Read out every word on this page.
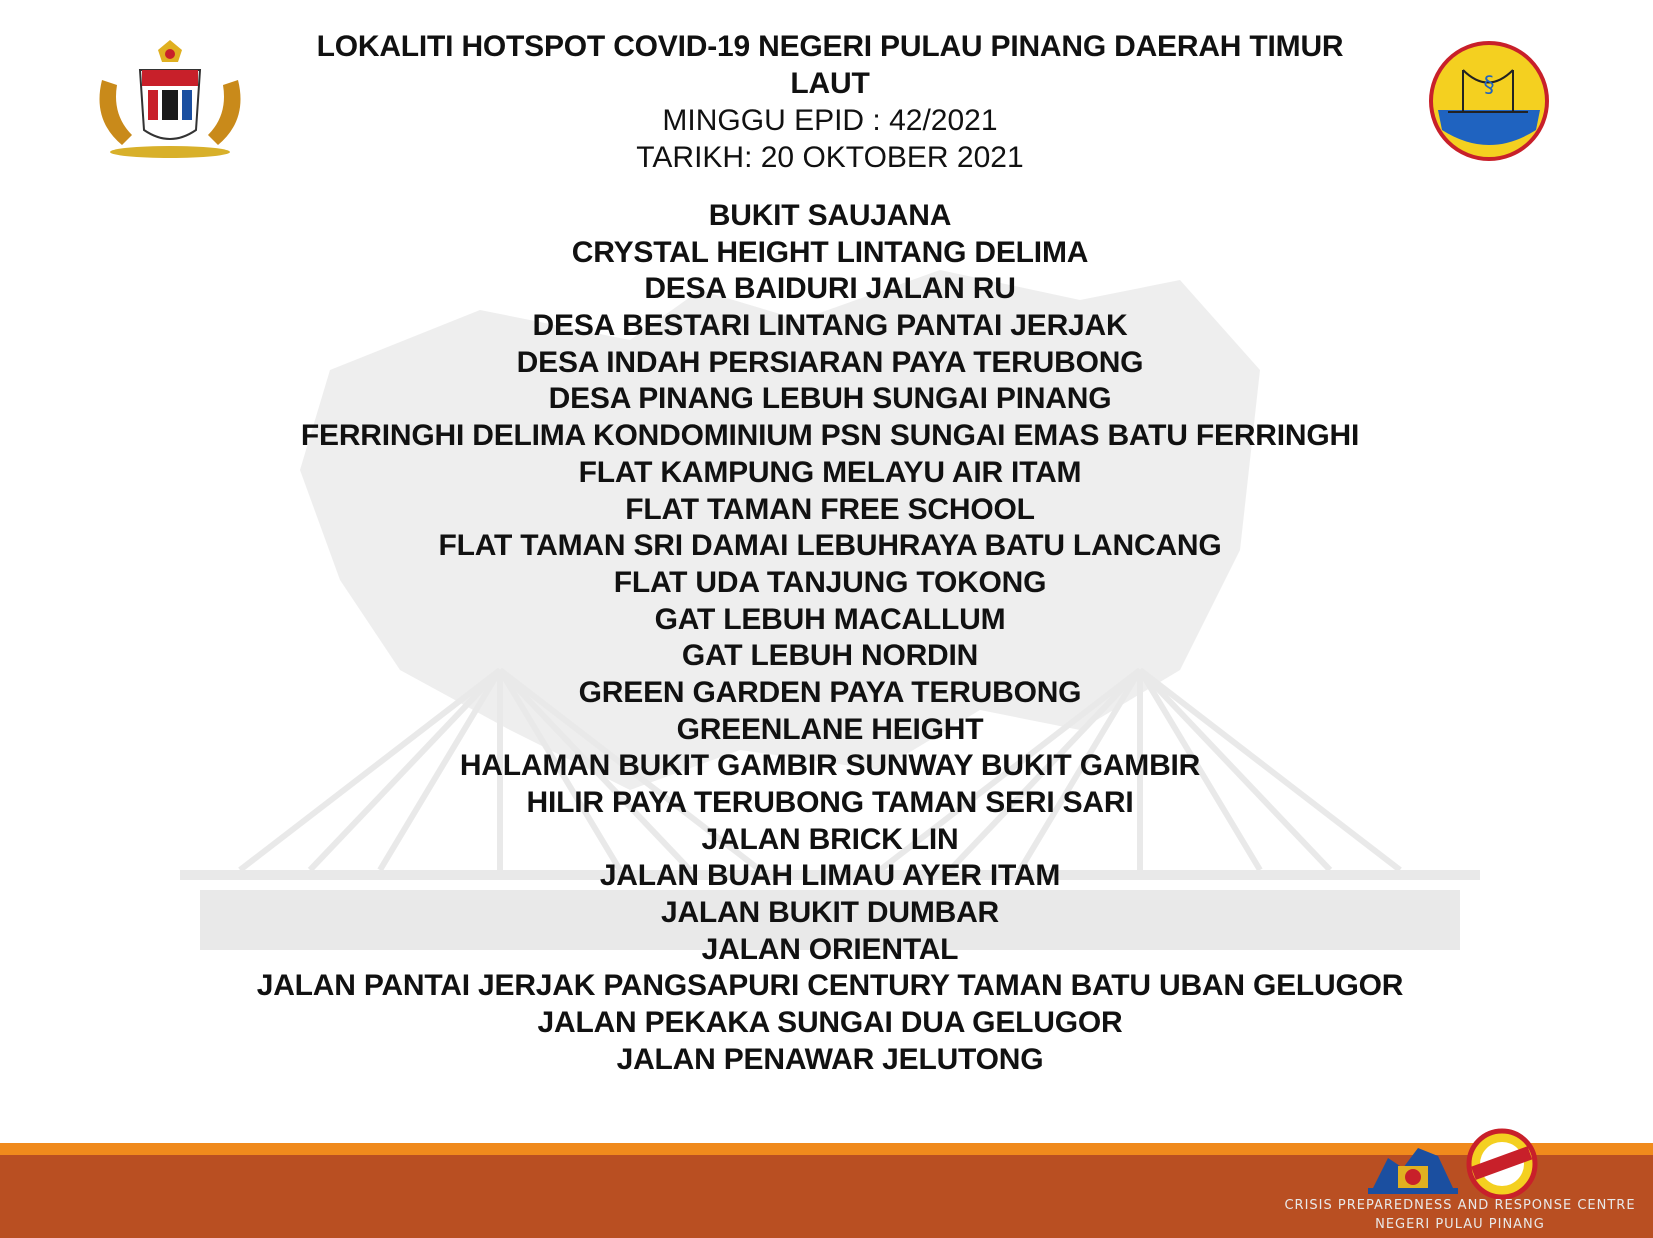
§
LOKALITI HOTSPOT COVID-19 NEGERI PULAU PINANG DAERAH TIMUR LAUT
MINGGU EPID : 42/2021
TARIKH: 20 OKTOBER 2021
BUKIT SAUJANA
CRYSTAL HEIGHT LINTANG DELIMA
DESA BAIDURI JALAN RU
DESA BESTARI LINTANG PANTAI JERJAK
DESA INDAH PERSIARAN PAYA TERUBONG
DESA PINANG LEBUH SUNGAI PINANG
FERRINGHI DELIMA KONDOMINIUM PSN SUNGAI EMAS BATU FERRINGHI
FLAT KAMPUNG MELAYU AIR ITAM
FLAT TAMAN FREE SCHOOL
FLAT TAMAN SRI DAMAI LEBUHRAYA BATU LANCANG
FLAT UDA TANJUNG TOKONG
GAT LEBUH MACALLUM
GAT LEBUH NORDIN
GREEN GARDEN PAYA TERUBONG
GREENLANE HEIGHT
HALAMAN BUKIT GAMBIR SUNWAY BUKIT GAMBIR
HILIR PAYA TERUBONG TAMAN SERI SARI
JALAN BRICK LIN
JALAN BUAH LIMAU AYER ITAM
JALAN BUKIT DUMBAR
JALAN ORIENTAL
JALAN PANTAI JERJAK PANGSAPURI CENTURY TAMAN BATU UBAN GELUGOR
JALAN PEKAKA SUNGAI DUA GELUGOR
JALAN PENAWAR JELUTONG
CRISIS PREPAREDNESS AND RESPONSE CENTRE
NEGERI PULAU PINANG
